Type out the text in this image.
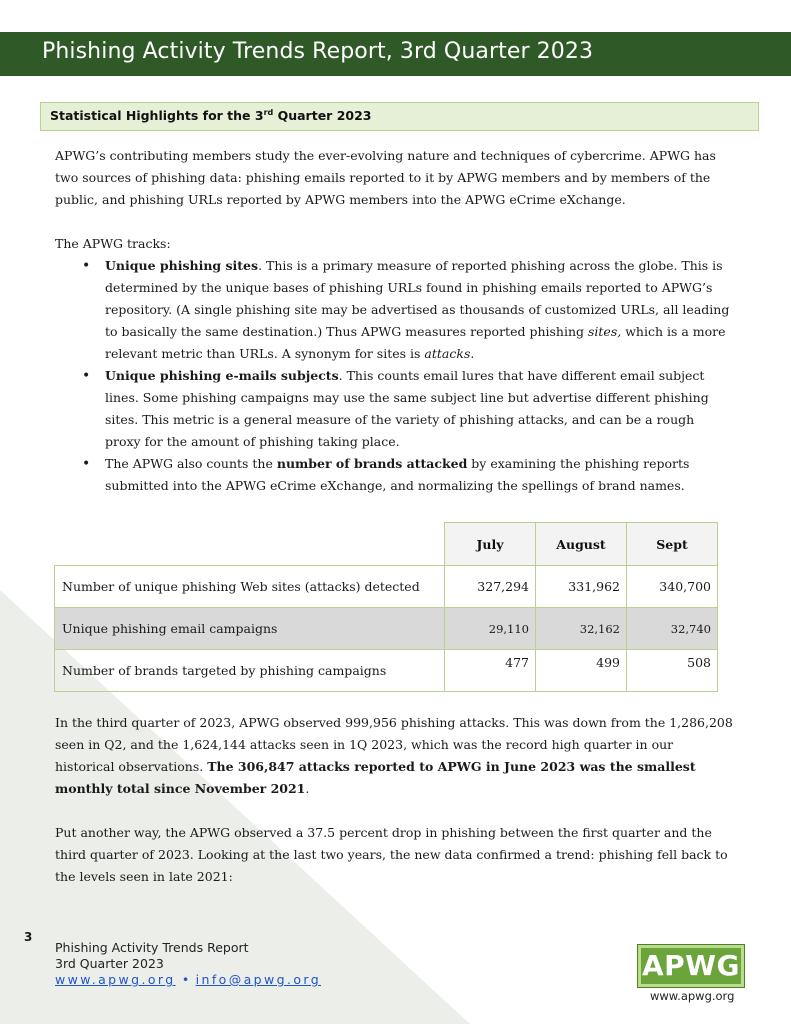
Phishing Activity Trends Report, 3rd Quarter 2023
Statistical Highlights for the 3rd Quarter 2023

APWG’s contributing members study the ever-evolving nature and techniques of cybercrime. APWG has two sources of phishing data: phishing emails reported to it by APWG members and by members of the public, and phishing URLs reported by APWG members into the APWG eCrime eXchange.

The APWG tracks:

• Unique phishing sites. This is a primary measure of reported phishing across the globe. This is determined by the unique bases of phishing URLs found in phishing emails reported to APWG’s repository. (A single phishing site may be advertised as thousands of customized URLs, all leading to basically the same destination.) Thus APWG measures reported phishing sites, which is a more relevant metric than URLs. A synonym for sites is attacks.
• Unique phishing e-mails subjects. This counts email lures that have different email subject lines. Some phishing campaigns may use the same subject line but advertise different phishing sites. This metric is a general measure of the variety of phishing attacks, and can be a rough proxy for the amount of phishing taking place.
• The APWG also counts the number of brands attacked by examining the phishing reports submitted into the APWG eCrime eXchange, and normalizing the spellings of brand names.
	July	August	Sept
Number of unique phishing Web sites (attacks) detected	327,294	331,962	340,700
Unique phishing email campaigns	29,110	32,162	32,740
Number of brands targeted by phishing campaigns	477	499	508

In the third quarter of 2023, APWG observed 999,956 phishing attacks. This was down from the 1,286,208 seen in Q2, and the 1,624,144 attacks seen in 1Q 2023, which was the record high quarter in our historical observations. The 306,847 attacks reported to APWG in June 2023 was the smallest monthly total since November 2021.

Put another way, the APWG observed a 37.5 percent drop in phishing between the first quarter and the third quarter of 2023. Looking at the last two years, the new data confirmed a trend: phishing fell back to the levels seen in late 2021:

3
Phishing Activity Trends Report
3rd Quarter 2023
www.apwg.org • info@apwg.org	APWG
www.apwg.org
